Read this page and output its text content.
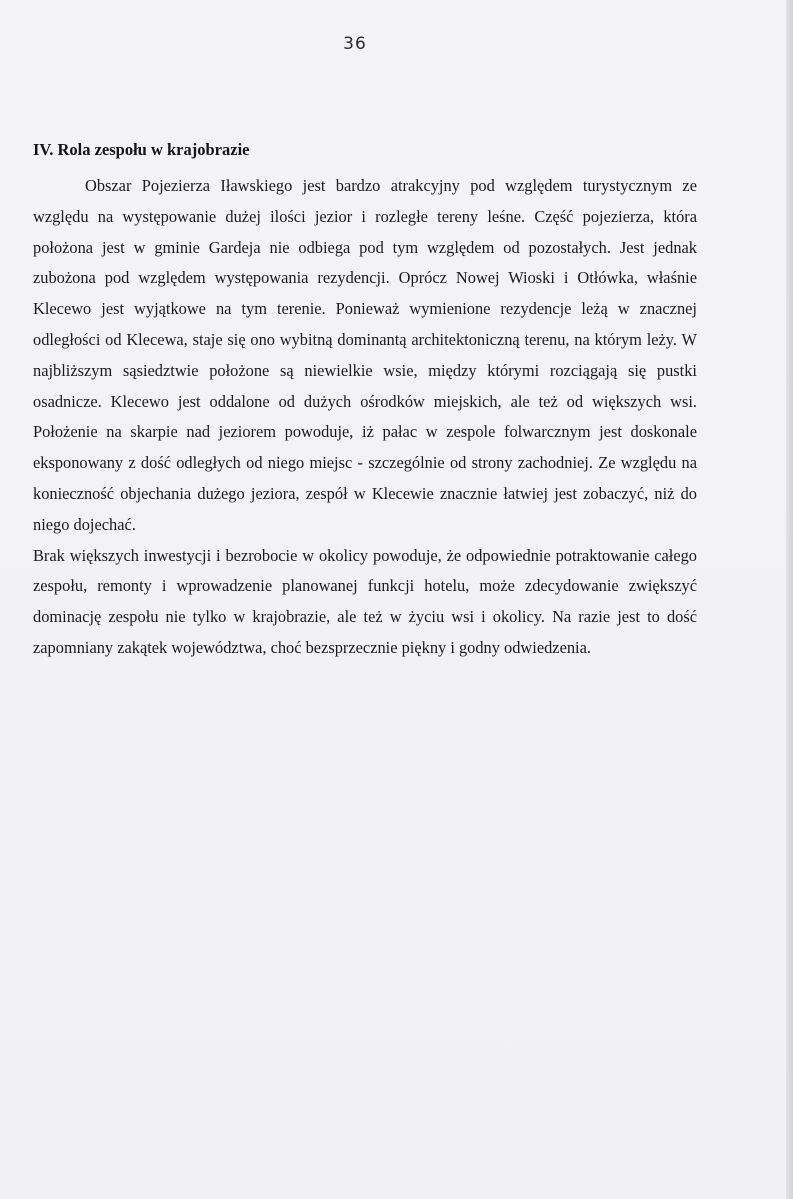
36
IV. Rola zespołu w krajobrazie

Obszar Pojezierza Iławskiego jest bardzo atrakcyjny pod względem turystycznym ze względu na występowanie dużej ilości jezior i rozległe tereny leśne. Część pojezierza, która położona jest w gminie Gardeja nie odbiega pod tym względem od pozostałych. Jest jednak zubożona pod względem występowania rezydencji. Oprócz Nowej Wioski i Otłówka, właśnie Klecewo jest wyjątkowe na tym terenie. Ponieważ wymienione rezydencje leżą w znacznej odległości od Klecewa, staje się ono wybitną dominantą architektoniczną terenu, na którym leży. W najbliższym sąsiedztwie położone są niewielkie wsie, między którymi rozciągają się pustki osadnicze. Klecewo jest oddalone od dużych ośrodków miejskich, ale też od większych wsi. Położenie na skarpie nad jeziorem powoduje, iż pałac w zespole folwarcznym jest doskonale eksponowany z dość odległych od niego miejsc - szczególnie od strony zachodniej. Ze względu na konieczność objechania dużego jeziora, zespół w Klecewie znacznie łatwiej jest zobaczyć, niż do niego dojechać.

Brak większych inwestycji i bezrobocie w okolicy powoduje, że odpowiednie potraktowanie całego zespołu, remonty i wprowadzenie planowanej funkcji hotelu, może zdecydowanie zwiększyć dominację zespołu nie tylko w krajobrazie, ale też w życiu wsi i okolicy. Na razie jest to dość zapomniany zakątek województwa, choć bezsprzecznie piękny i godny odwiedzenia.
